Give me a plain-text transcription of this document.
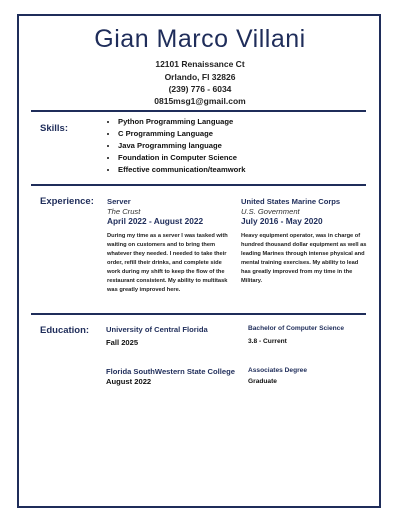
Gian Marco Villani
12101 Renaissance Ct
Orlando, Fl 32826
(239) 776 - 6034
0815msg1@gmail.com
Skills:
• Python Programming Language
• C Programming Language
• Java Programming language
• Foundation in Computer Science
• Effective communication/teamwork
Experience: Server
The Crust
April 2022 - August 2022
During my time as a server I was tasked with
waiting on customers and to bring them
whatever they needed. I needed to take their
order, refill their drinks, and complete side
work during my shift to keep the flow of the
restaurant consistent. My ability to multitask
was greatly improved here.
United States Marine Corps
U.S. Government
July 2016 - May 2020
Heavy equipment operator, was in charge of
hundred thousand dollar equipment as well as
leading Marines through intense physical and
mental training exercises. My ability to lead
has greatly improved from my time in the
Military.
Education: University of Central Florida
Fall 2025
Bachelor of Computer Science
3.8 - Current
Florida SouthWestern State College
August 2022
Associates Degree
Graduate
